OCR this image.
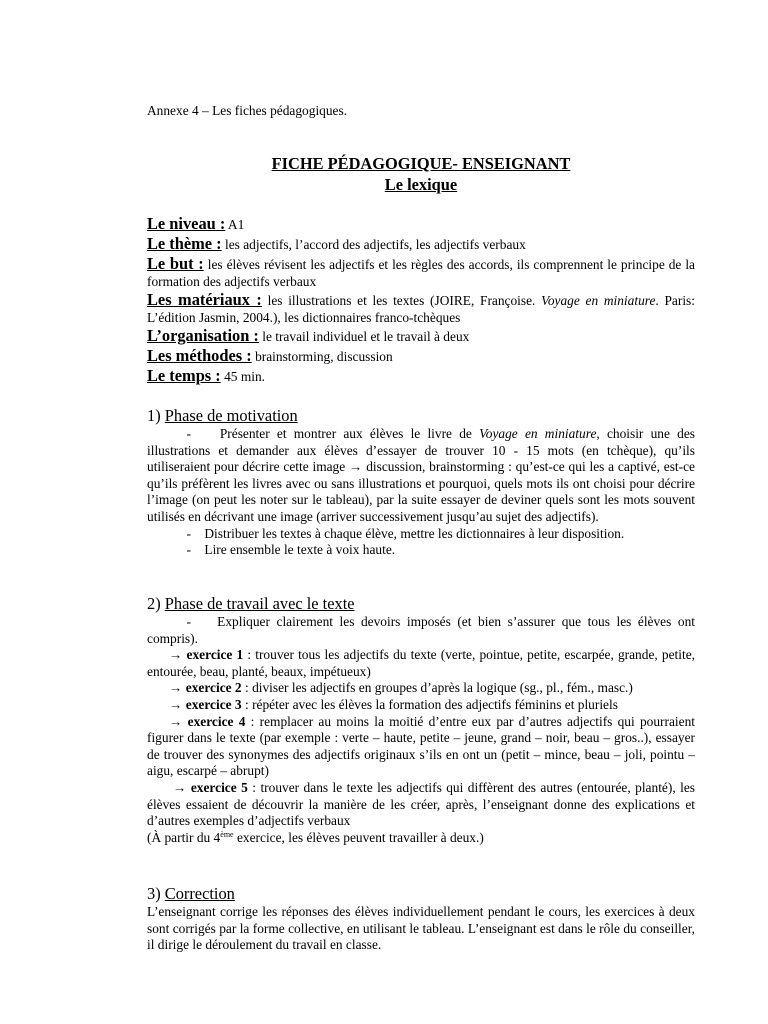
Annexe 4 – Les fiches pédagogiques.
FICHE PÉDAGOGIQUE- ENSEIGNANT
Le lexique
Le niveau : A1
Le thème : les adjectifs, l’accord des adjectifs, les adjectifs verbaux
Le but : les élèves révisent les adjectifs et les règles des accords, ils comprennent le principe de la formation des adjectifs verbaux
Les matériaux : les illustrations et les textes (JOIRE, Françoise. Voyage en miniature. Paris: L’édition Jasmin, 2004.), les dictionnaires franco-tchèques
L’organisation : le travail individuel et le travail à deux
Les méthodes : brainstorming, discussion
Le temps : 45 min.
1) Phase de motivation

- Présenter et montrer aux élèves le livre de Voyage en miniature, choisir une des illustrations et demander aux élèves d’essayer de trouver 10 - 15 mots (en tchèque), qu’ils utiliseraient pour décrire cette image → discussion, brainstorming : qu’est-ce qui les a captivé, est-ce qu’ils préfèrent les livres avec ou sans illustrations et pourquoi, quels mots ils ont choisi pour décrire l’image (on peut les noter sur le tableau), par la suite essayer de deviner quels sont les mots souvent utilisés en décrivant une image (arriver successivement jusqu’au sujet des adjectifs).

- Distribuer les textes à chaque élève, mettre les dictionnaires à leur disposition.

- Lire ensemble le texte à voix haute.

2) Phase de travail avec le texte

- Expliquer clairement les devoirs imposés (et bien s’assurer que tous les élèves ont compris).

→ exercice 1 : trouver tous les adjectifs du texte (verte, pointue, petite, escarpée, grande, petite, entourée, beau, planté, beaux, impétueux)

→ exercice 2 : diviser les adjectifs en groupes d’après la logique (sg., pl., fém., masc.)

→ exercice 3 : répéter avec les élèves la formation des adjectifs féminins et pluriels

→ exercice 4 : remplacer au moins la moitié d’entre eux par d’autres adjectifs qui pourraient figurer dans le texte (par exemple : verte – haute, petite – jeune, grand – noir, beau – gros..), essayer de trouver des synonymes des adjectifs originaux s’ils en ont un (petit – mince, beau – joli, pointu – aigu, escarpé – abrupt)

→ exercice 5 : trouver dans le texte les adjectifs qui diffèrent des autres (entourée, planté), les élèves essaient de découvrir la manière de les créer, après, l’enseignant donne des explications et d’autres exemples d’adjectifs verbaux

(À partir du 4ème exercice, les élèves peuvent travailler à deux.)

3) Correction

L’enseignant corrige les réponses des élèves individuellement pendant le cours, les exercices à deux sont corrigés par la forme collective, en utilisant le tableau. L’enseignant est dans le rôle du conseiller, il dirige le déroulement du travail en classe.
